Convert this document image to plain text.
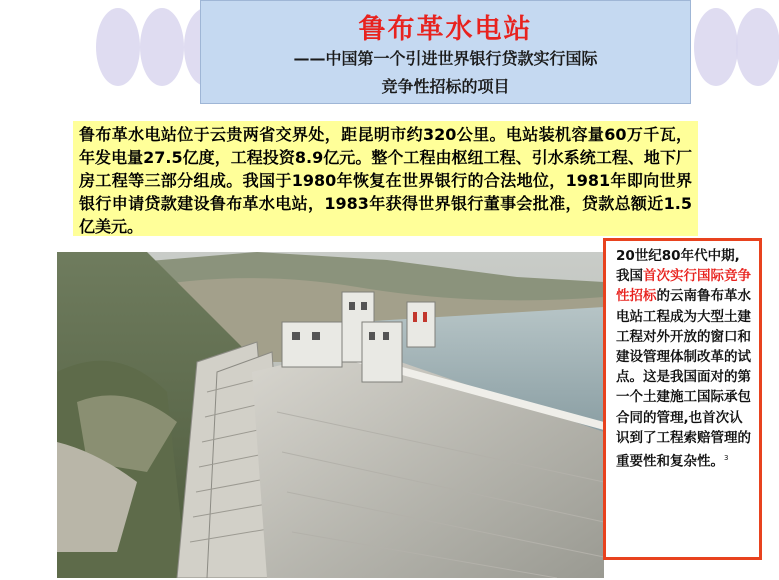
鲁布革水电站
——中国第一个引进世界银行贷款实行国际
竞争性招标的项目
鲁布革水电站位于云贵两省交界处，距昆明市约320公里。电站装机容量60万千瓦，年发电量27.5亿度，工程投资8.9亿元。整个工程由枢纽工程、引水系统工程、地下厂房工程等三部分组成。我国于1980年恢复在世界银行的合法地位，1981年即向世界银行申请贷款建设鲁布革水电站，1983年获得世界银行董事会批准，贷款总额近1.5亿美元。
20世纪80年代中期,我国首次实行国际竞争性招标的云南鲁布革水电站工程成为大型土建工程对外开放的窗口和建设管理体制改革的试点。这是我国面对的第一个土建施工国际承包合同的管理,也首次认识到了工程索赔管理的重要性和复杂性。$^3$
